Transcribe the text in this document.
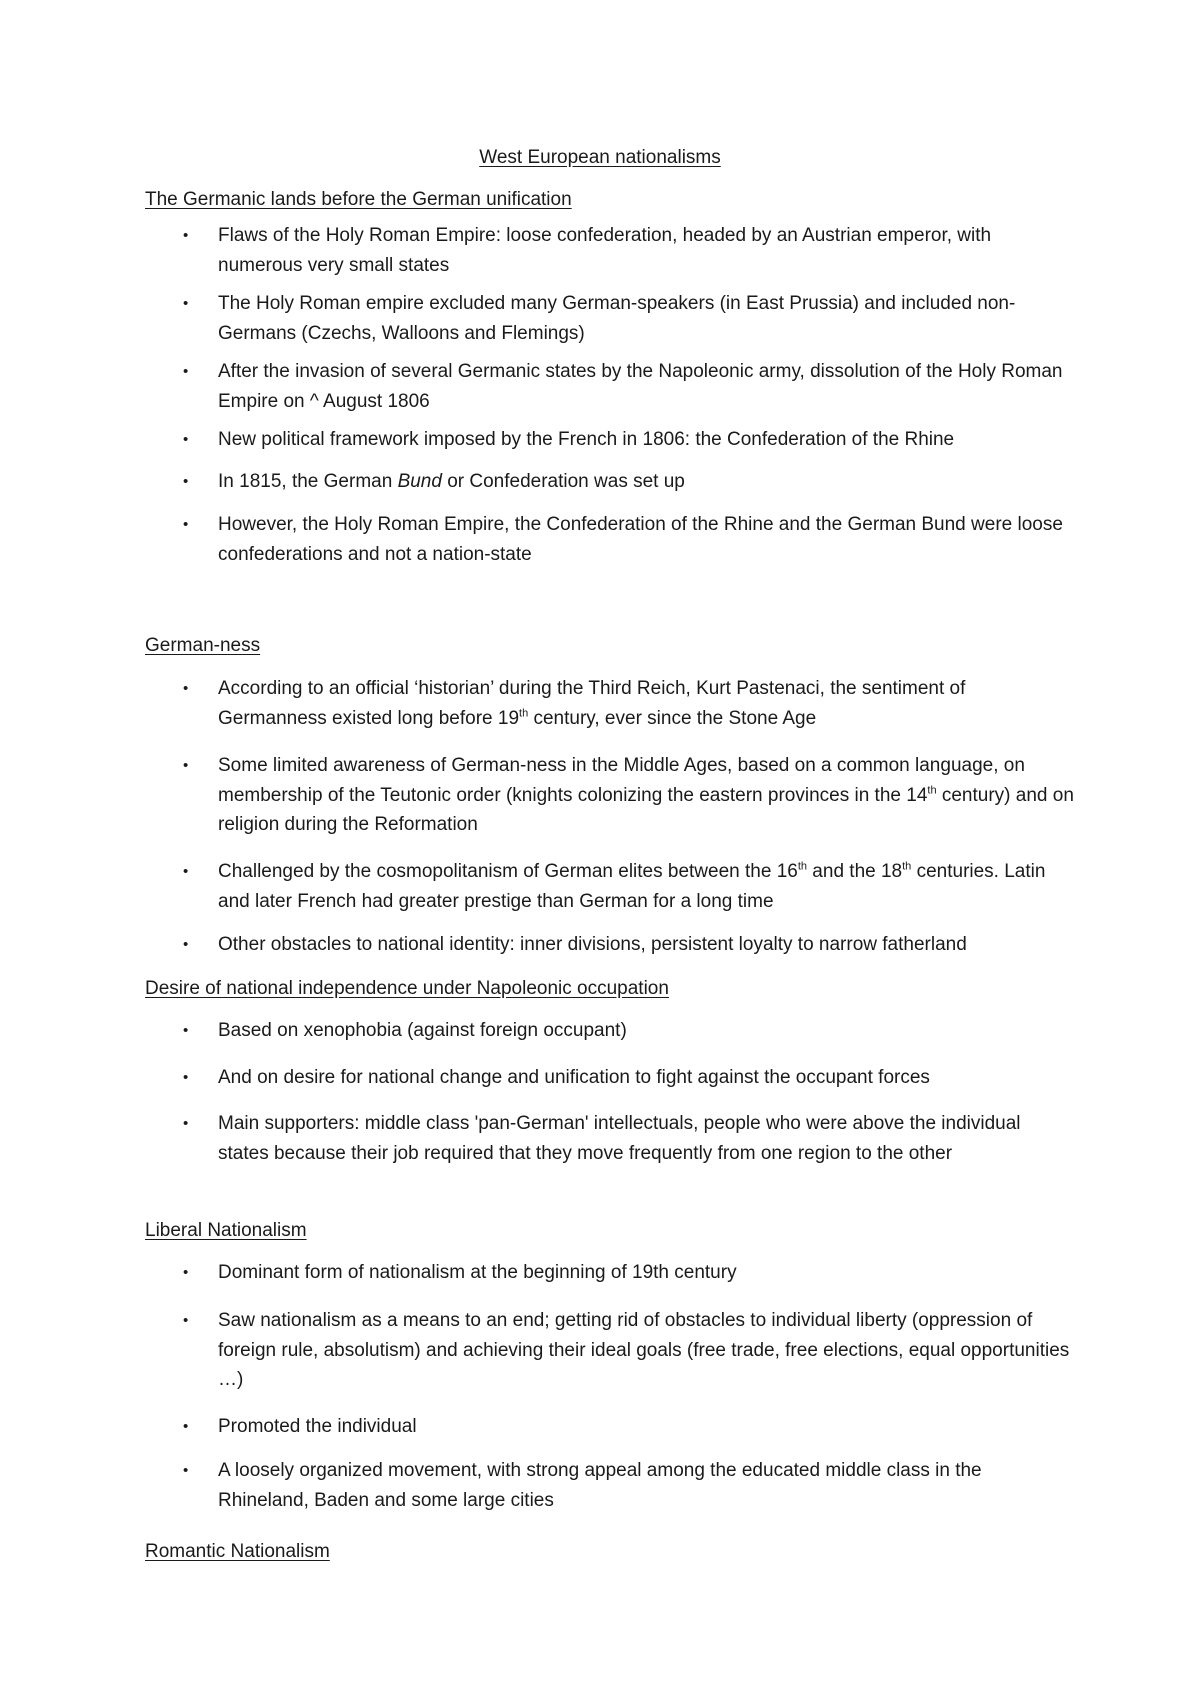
West European nationalisms
The Germanic lands before the German unification
•	Flaws of the Holy Roman Empire: loose confederation, headed by an Austrian emperor, with numerous very small states
•	The Holy Roman empire excluded many German-speakers (in East Prussia) and included non-Germans (Czechs, Walloons and Flemings)
•	After the invasion of several Germanic states by the Napoleonic army, dissolution of the Holy Roman Empire on ^ August 1806
•	New political framework imposed by the French in 1806: the Confederation of the Rhine
•	In 1815, the German Bund or Confederation was set up
•	However, the Holy Roman Empire, the Confederation of the Rhine and the German Bund were loose confederations and not a nation-state
German-ness
•	According to an official ‘historian’ during the Third Reich, Kurt Pastenaci, the sentiment of Germanness existed long before 19th century, ever since the Stone Age
•	Some limited awareness of German-ness in the Middle Ages, based on a common language, on membership of the Teutonic order (knights colonizing the eastern provinces in the 14th century) and on religion during the Reformation
•	Challenged by the cosmopolitanism of German elites between the 16th and the 18th centuries. Latin and later French had greater prestige than German for a long time
•	Other obstacles to national identity: inner divisions, persistent loyalty to narrow fatherland
Desire of national independence under Napoleonic occupation
•	Based on xenophobia (against foreign occupant)
•	And on desire for national change and unification to fight against the occupant forces
•	Main supporters: middle class 'pan-German' intellectuals, people who were above the individual states because their job required that they move frequently from one region to the other
Liberal Nationalism
•	Dominant form of nationalism at the beginning of 19th century
•	Saw nationalism as a means to an end; getting rid of obstacles to individual liberty (oppression of foreign rule, absolutism) and achieving their ideal goals (free trade, free elections, equal opportunities …)
•	Promoted the individual
•	A loosely organized movement, with strong appeal among the educated middle class in the Rhineland, Baden and some large cities
Romantic Nationalism
